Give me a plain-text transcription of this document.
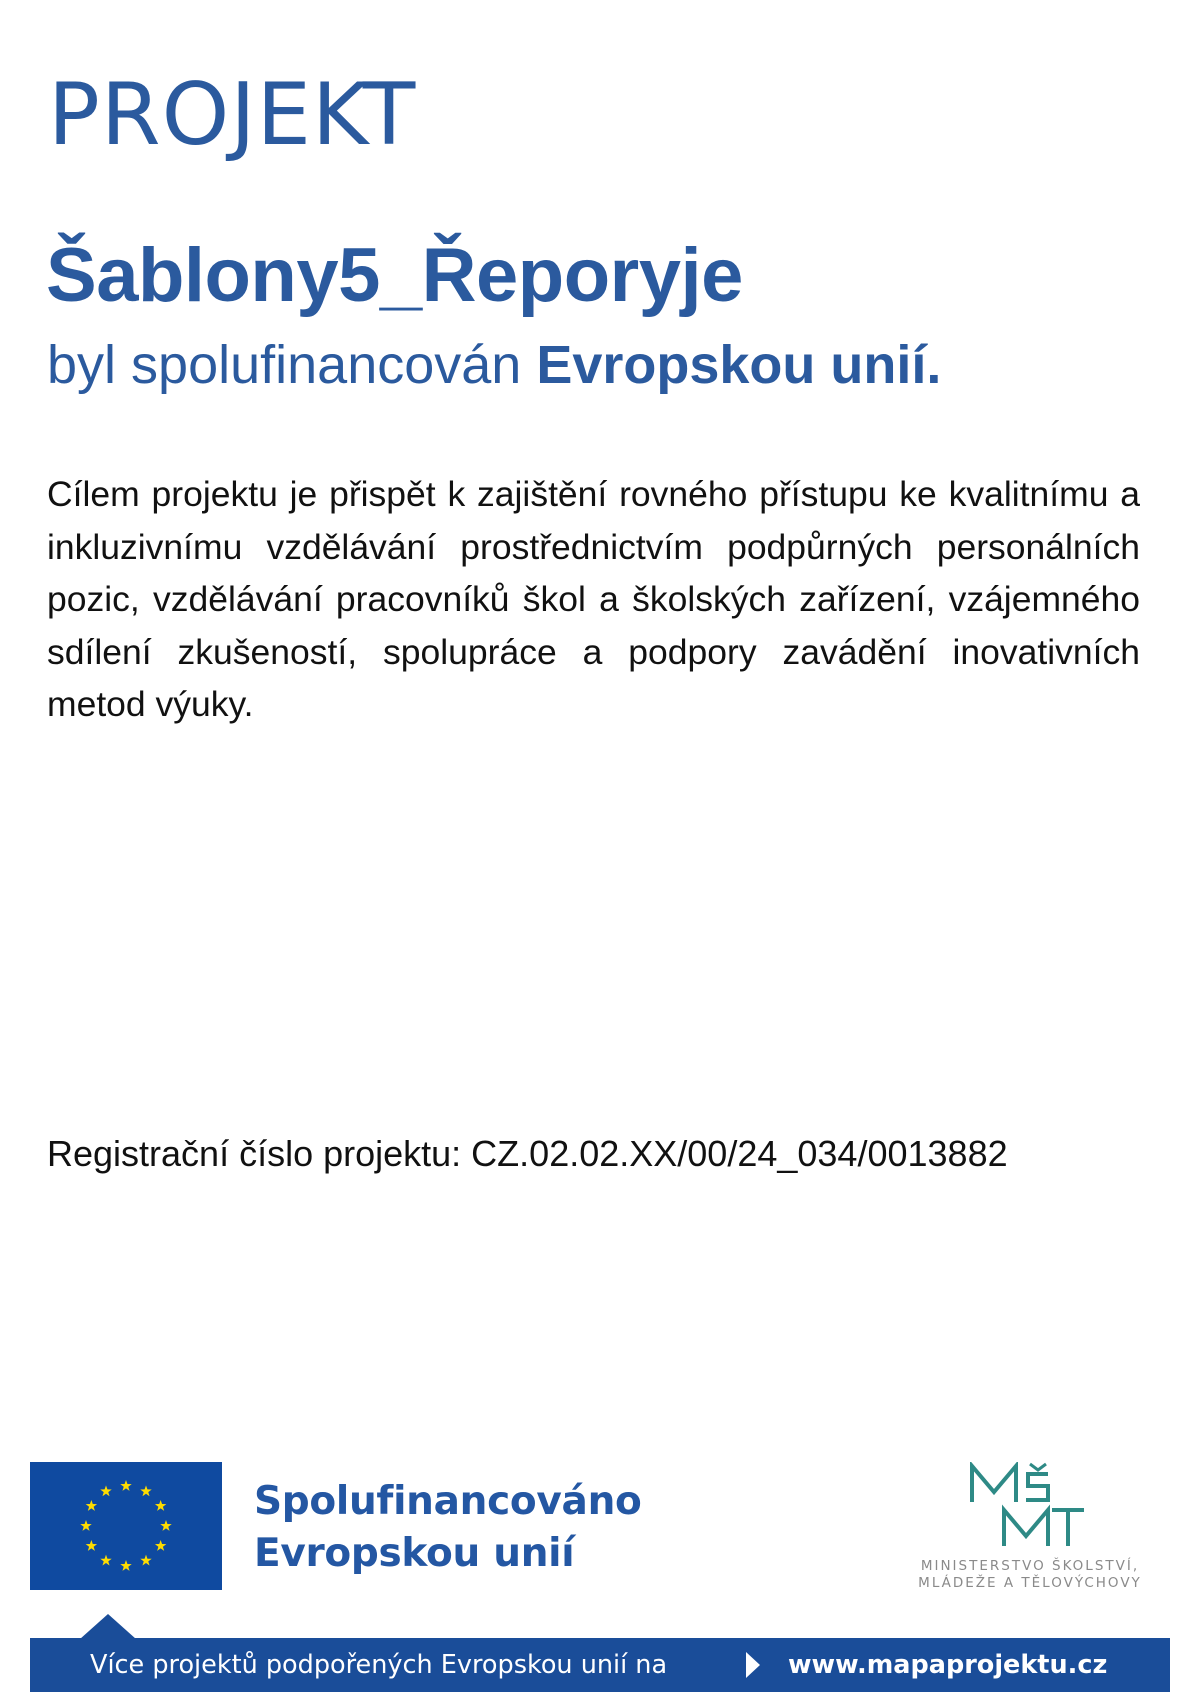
PROJEKT
Šablony5_Řeporyje
byl spolufinancován Evropskou unií.
Cílem projektu je přispět k zajištění rovného přístupu ke kvalitnímu a inkluzivnímu vzdělávání prostřednictvím podpůrných personálních pozic, vzdělávání pracovníků škol a školských zařízení, vzájemného sdílení zkušeností, spolupráce a podpory zavádění inovativních metod výuky.
Registrační číslo projektu: CZ.02.02.XX/00/24_034/0013882
Spolufinancováno
Evropskou unií	MINISTERSTVO ŠKOLSTVÍ,
MLÁDEŽE A TĚLOVÝCHOVY
Více projektů podpořených Evropskou unií na	www.mapaprojektu.cz
